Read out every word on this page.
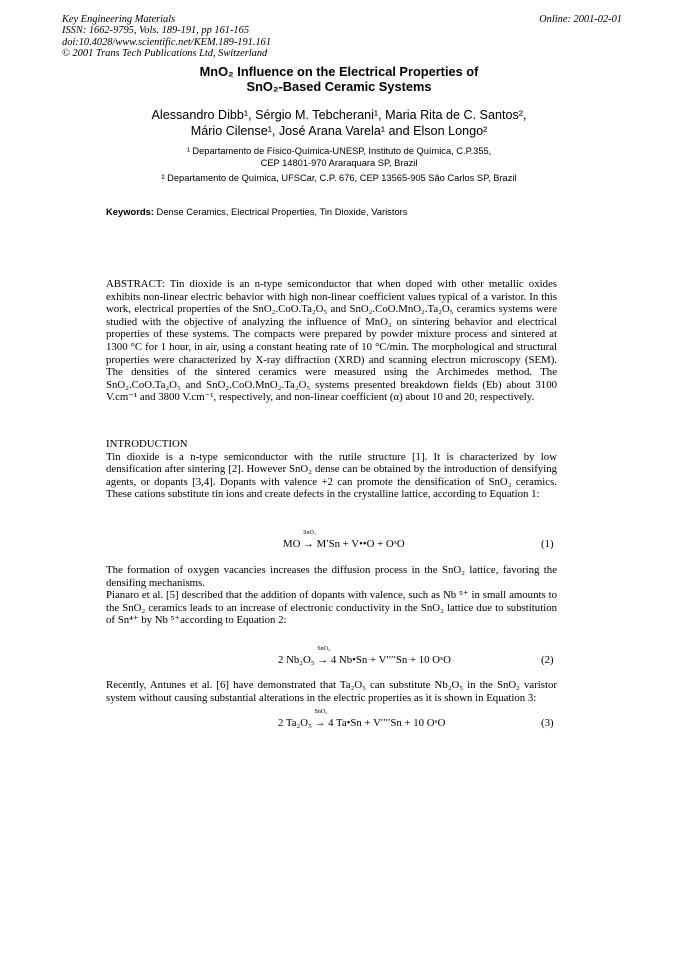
Key Engineering Materials
ISSN: 1662-9795, Vols. 189-191, pp 161-165
doi:10.4028/www.scientific.net/KEM.189-191.161
© 2001 Trans Tech Publications Ltd, Switzerland
Online: 2001-02-01
MnO₂ Influence on the Electrical Properties of
SnO₂-Based Ceramic Systems
Alessandro Dibb¹, Sérgio M. Tebcherani¹, Maria Rita de C. Santos²,
Mário Cilense¹, José Arana Varela¹ and Elson Longo²
¹ Departamento de Físico-Química-UNESP, Instituto de Química, C.P.355,
CEP 14801-970 Araraquara SP, Brazil
² Departamento de Química, UFSCar, C.P. 676, CEP 13565-905 São Carlos SP, Brazil
Keywords: Dense Ceramics, Electrical Properties, Tin Dioxide, Varistors
ABSTRACT: Tin dioxide is an n-type semiconductor that when doped with other metallic oxides exhibits non-linear electric behavior with high non-linear coefficient values typical of a varistor. In this work, electrical properties of the SnO₂.CoO.Ta₂O₅ and SnO₂.CoO.MnO₂.Ta₂O₅ ceramics systems were studied with the objective of analyzing the influence of MnO₂ on sintering behavior and electrical properties of these systems. The compacts were prepared by powder mixture process and sintered at 1300 °C for 1 hour, in air, using a constant heating rate of 10 °C/min. The morphological and structural properties were characterized by X-ray diffraction (XRD) and scanning electron microscopy (SEM). The densities of the sintered ceramics were measured using the Archimedes method. The SnO₂.CoO.Ta₂O₅ and SnO₂.CoO.MnO₂.Ta₂O₅ systems presented breakdown fields (Eb) about 3100 V.cm⁻¹ and 3800 V.cm⁻¹, respectively, and non-linear coefficient (α) about 10 and 20, respectively.
INTRODUCTION
Tin dioxide is a n-type semiconductor with the rutile structure [1]. It is characterized by low densification after sintering [2]. However SnO₂ dense can be obtained by the introduction of densifying agents, or dopants [3,4]. Dopants with valence +2 can promote the densification of SnO₂ ceramics. These cations substitute tin ions and create defects in the crystalline lattice, according to Equation 1:
MO
SnO₂
→ M′Sn + V••O + OˣO	(1)
The formation of oxygen vacancies increases the diffusion process in the SnO₂ lattice, favoring the densifing mechanisms.
Pianaro et al. [5] described that the addition of dopants with valence, such as Nb ⁵⁺ in small amounts to the SnO₂ ceramics leads to an increase of electronic conductivity in the SnO₂ lattice due to substitution of Sn⁴⁺ by Nb ⁵⁺according to Equation 2:
2 Nb₂O₅
SnO₂
→ 4 Nb•Sn + V′′′′Sn + 10 OˣO	(2)
Recently, Antunes et al. [6] have demonstrated that Ta₂O₅ can substitute Nb₂O₅ in the SnO₂ varistor system without causing substantial alterations in the electric properties as it is shown in Equation 3:
2 Ta₂O₅
SnO₂
→ 4 Ta•Sn + V′′′′Sn + 10 OˣO	(3)
